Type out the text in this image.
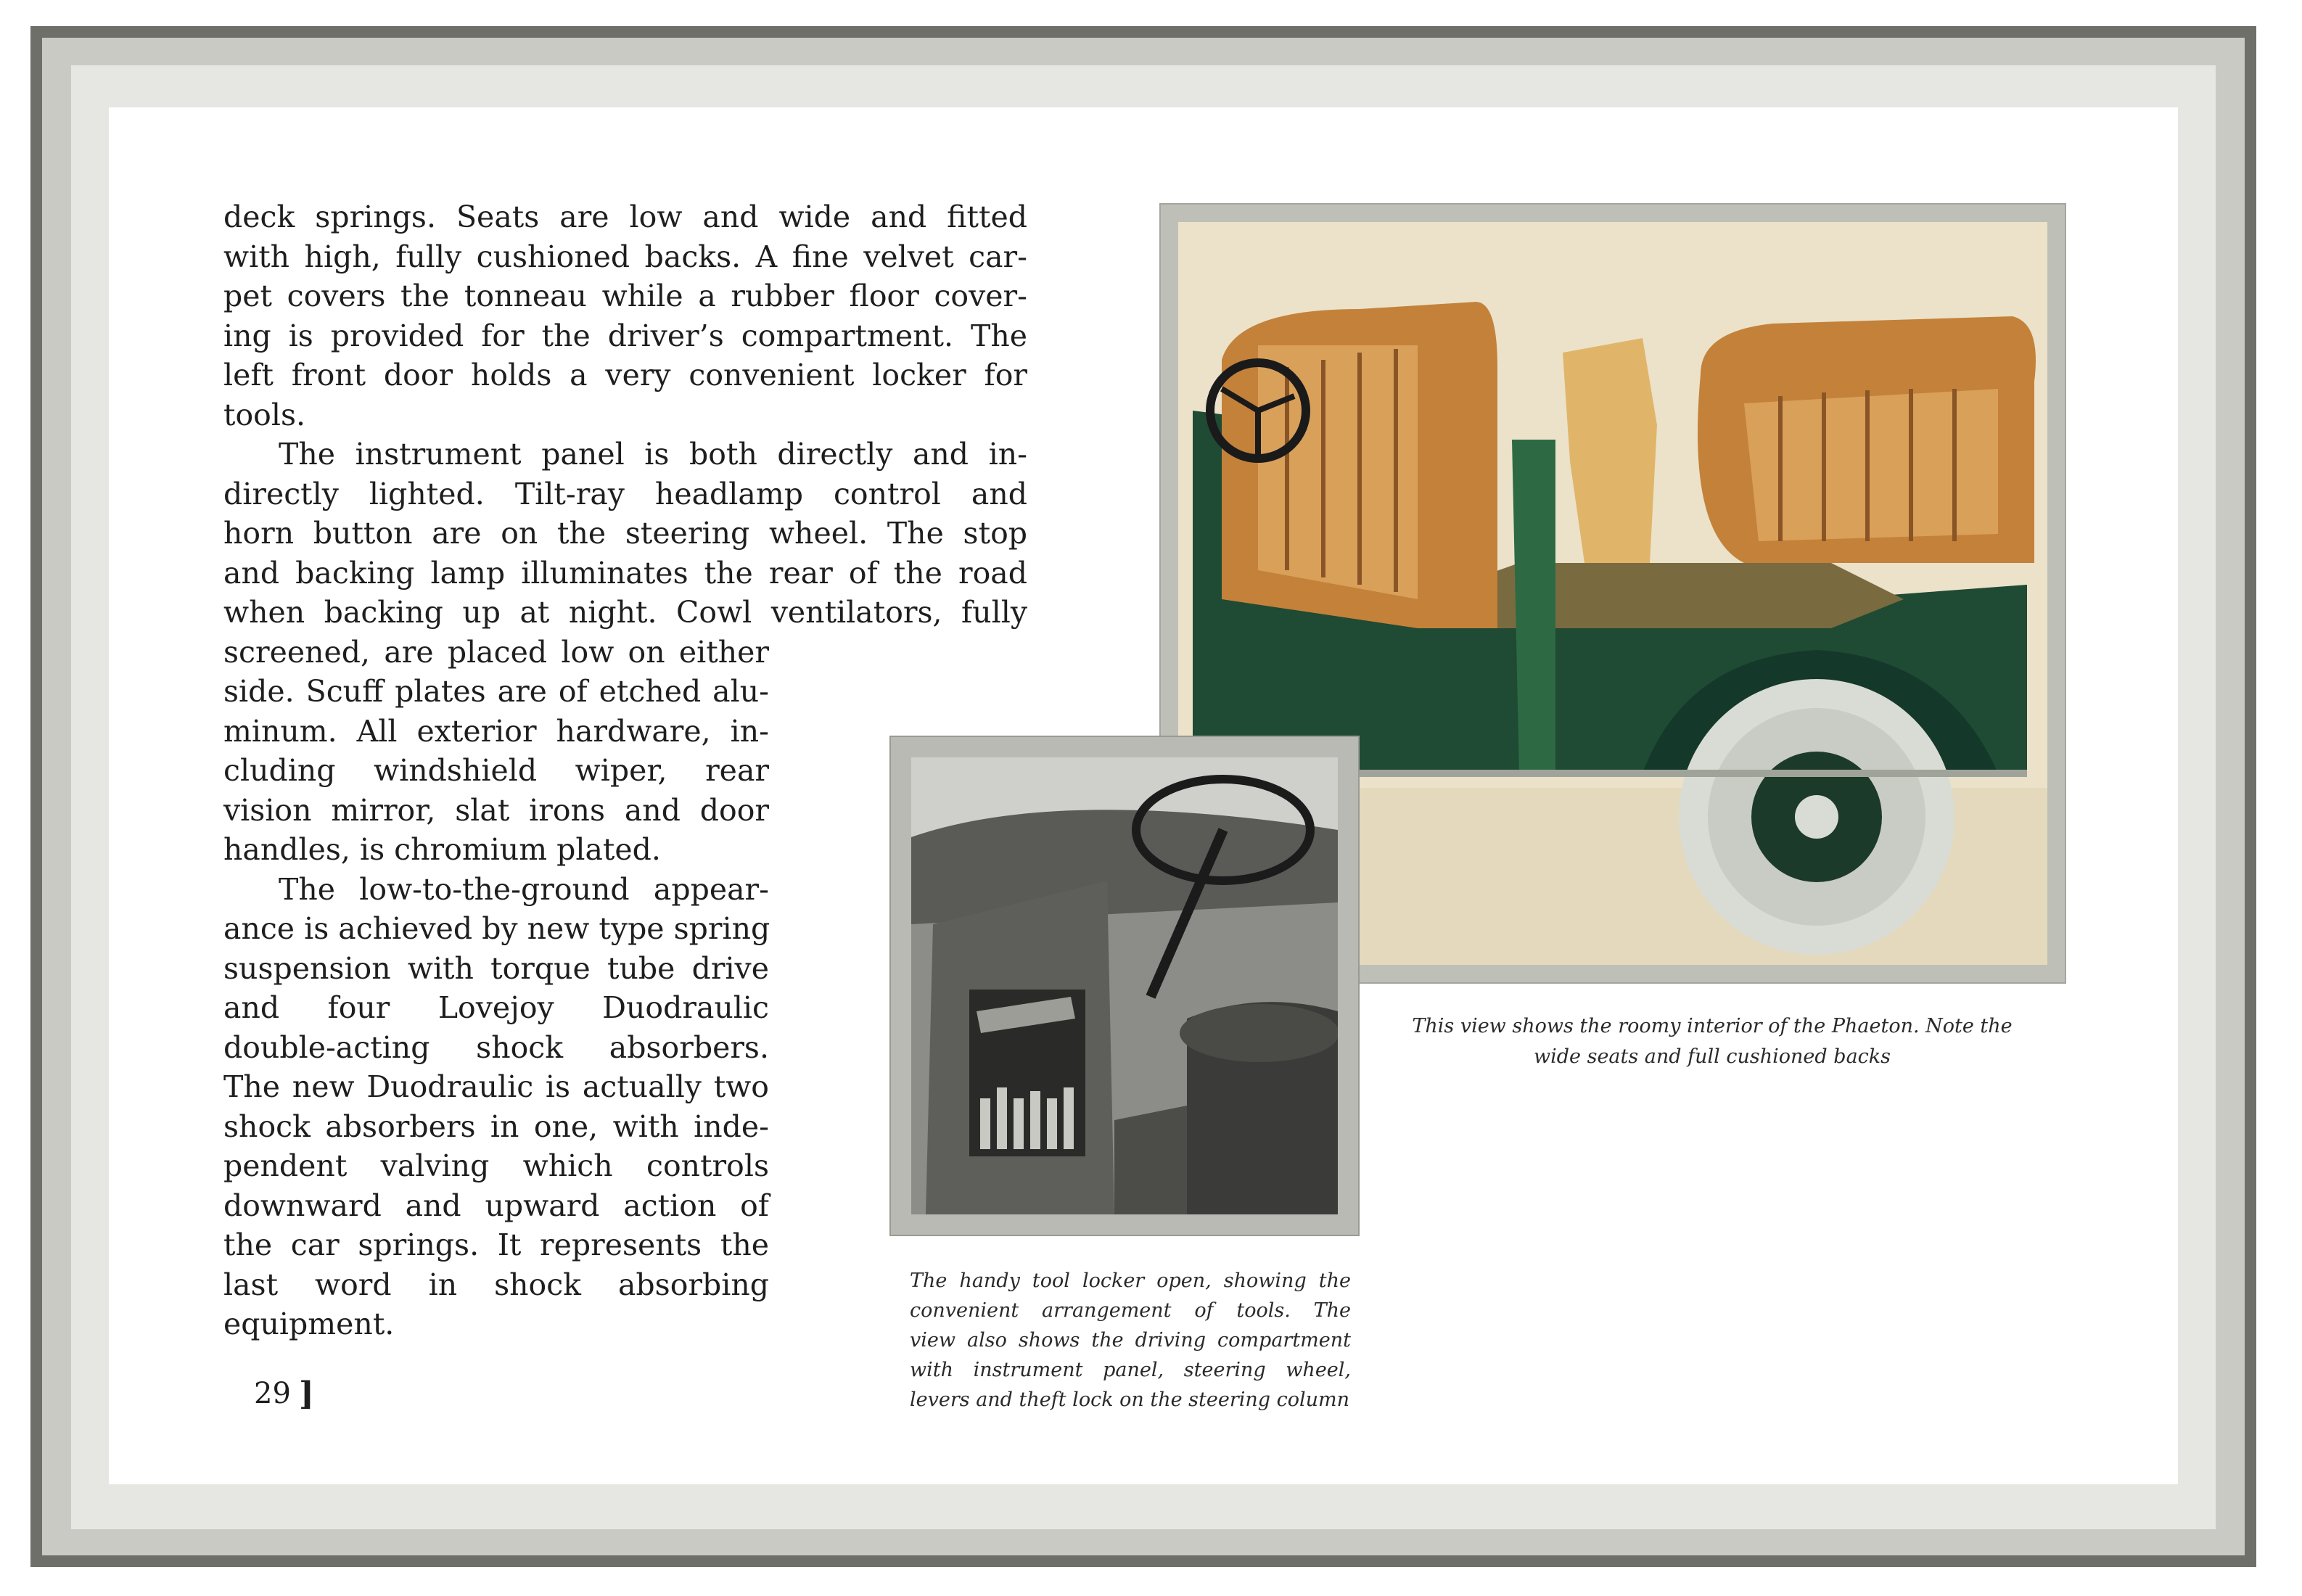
deck springs. Seats are low and wide and fitted
with high, fully cushioned backs. A fine velvet car-
pet covers the tonneau while a rubber floor cover-
ing is provided for the driver’s compartment. The
left front door holds a very convenient locker for
tools.
The instrument panel is both directly and in-
directly lighted. Tilt-ray headlamp control and
horn button are on the steering wheel. The stop
and backing lamp illuminates the rear of the road
when backing up at night. Cowl ventilators, fully
screened, are placed low on either
side. Scuff plates are of etched alu-
minum. All exterior hardware, in-
cluding windshield wiper, rear
vision mirror, slat irons and door
handles, is chromium plated.
The low-to-the-ground appear-
ance is achieved by new type spring
suspension with torque tube drive
and four Lovejoy Duodraulic
double-acting shock absorbers.
The new Duodraulic is actually two
shock absorbers in one, with inde-
pendent valving which controls
downward and upward action of
the car springs. It represents the
last word in shock absorbing
equipment.
29 ]
This view shows the roomy interior of the Phaeton. Note the
wide seats and full cushioned backs
The handy tool locker open, showing the
convenient arrangement of tools. The
view also shows the driving compartment
with instrument panel, steering wheel,
levers and theft lock on the steering column
